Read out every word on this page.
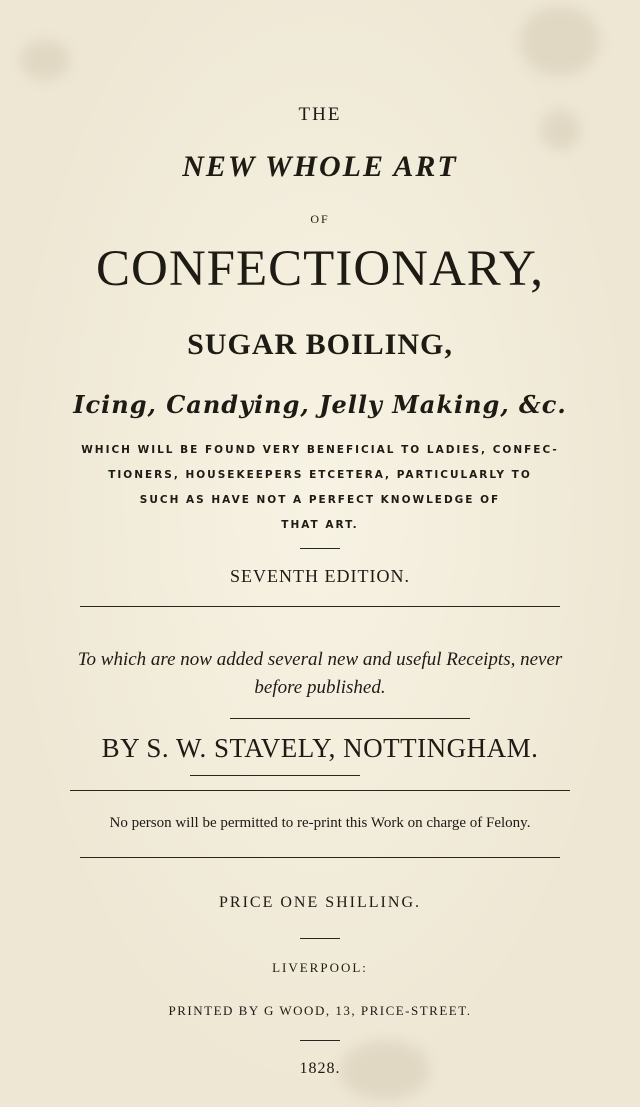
THE
NEW WHOLE ART
OF
CONFECTIONARY,
SUGAR BOILING,
Icing, Candying, Jelly Making, &c.
WHICH WILL BE FOUND VERY BENEFICIAL TO LADIES, CONFEC-
TIONERS, HOUSEKEEPERS ETCETERA, PARTICULARLY TO
SUCH AS HAVE NOT A PERFECT KNOWLEDGE OF
THAT ART.
SEVENTH EDITION.
To which are now added several new and useful Receipts, never
before published.
BY S. W. STAVELY, NOTTINGHAM.
No person will be permitted to re-print this Work on charge of Felony.
PRICE ONE SHILLING.
LIVERPOOL:
PRINTED BY G WOOD, 13, PRICE-STREET.
1828.
